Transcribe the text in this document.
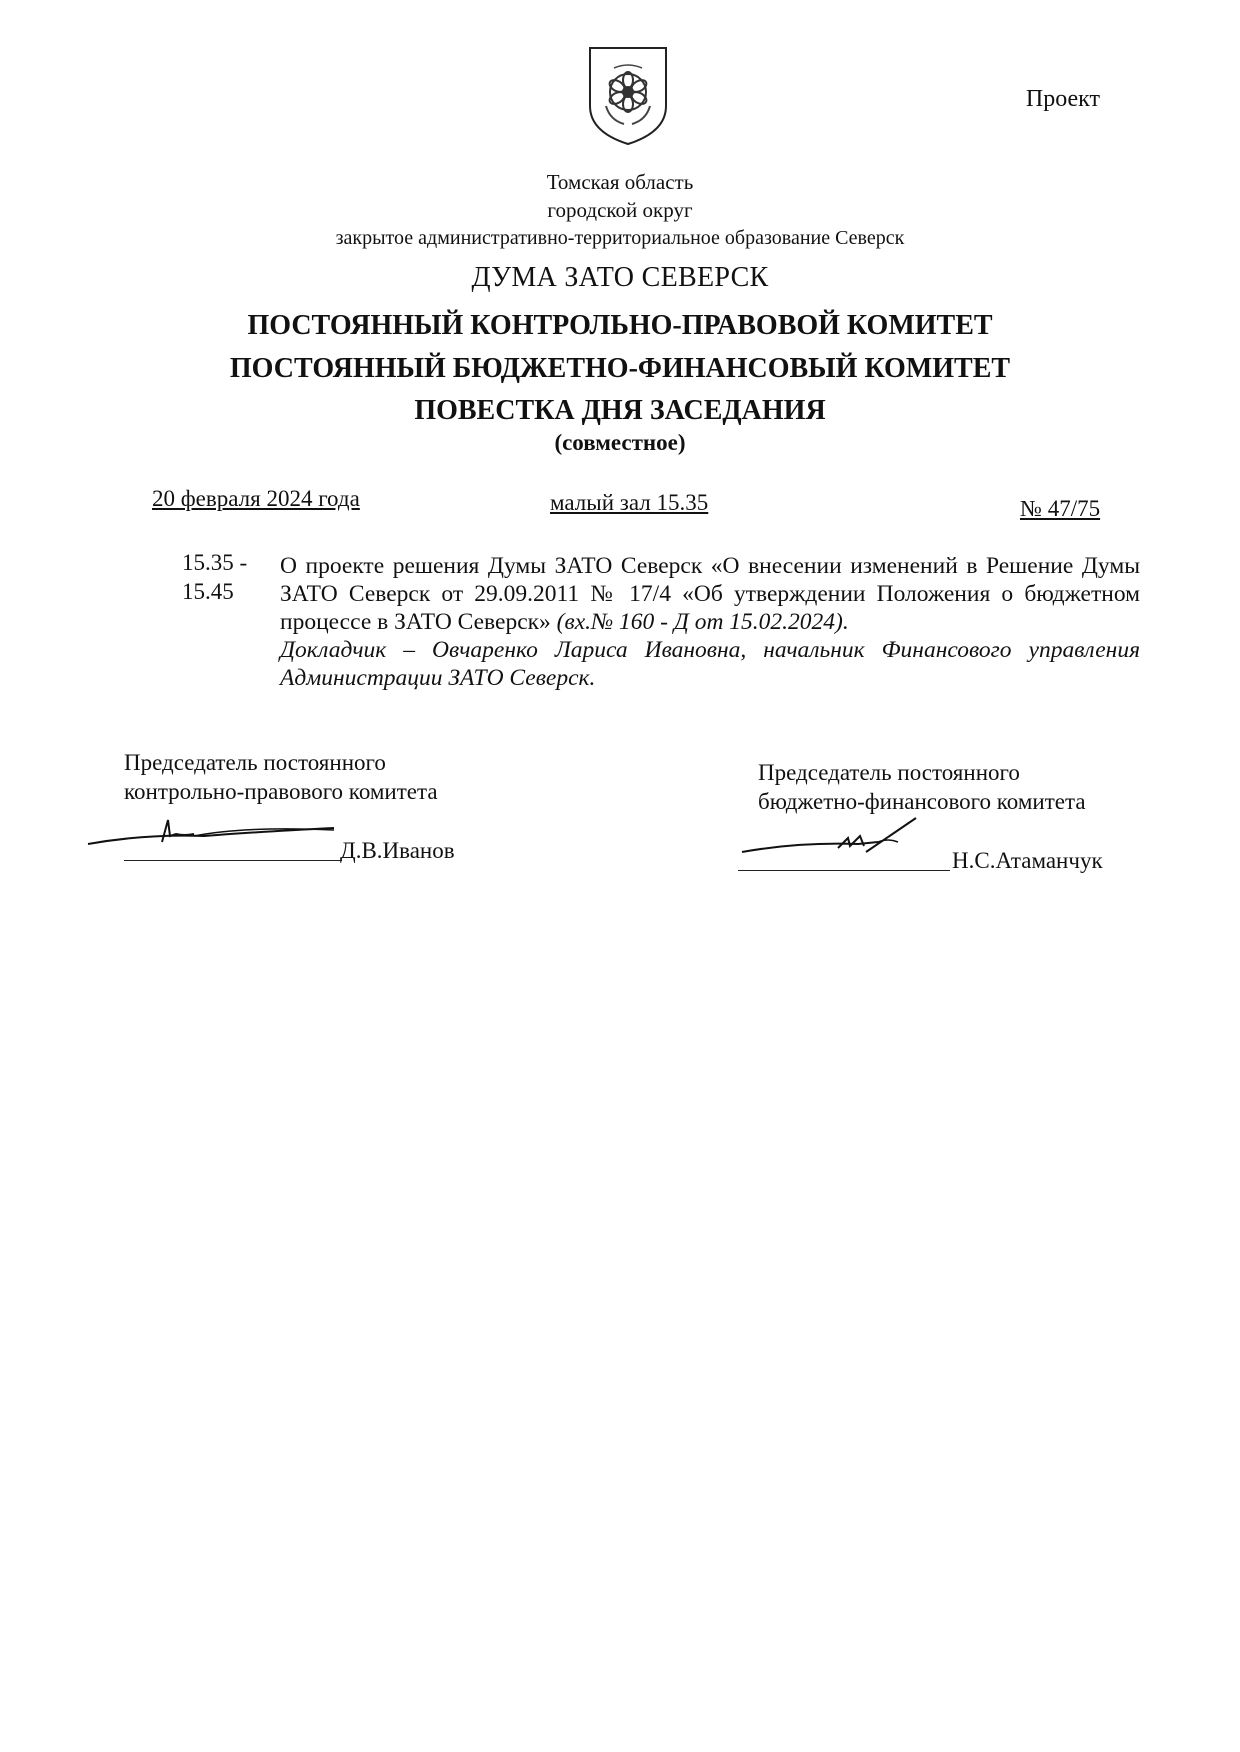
Проект
Томская область
городской округ
закрытое административно-территориальное образование Северск
ДУМА ЗАТО СЕВЕРСК
ПОСТОЯННЫЙ КОНТРОЛЬНО-ПРАВОВОЙ КОМИТЕТ
ПОСТОЯННЫЙ БЮДЖЕТНО-ФИНАНСОВЫЙ КОМИТЕТ
ПОВЕСТКА ДНЯ ЗАСЕДАНИЯ
(совместное)
20 февраля 2024 года	малый зал 15.35	№ 47/75
15.35 -
15.45
О проекте решения Думы ЗАТО Северск «О внесении изменений в Решение Думы ЗАТО Северск от 29.09.2011 № 17/4 «Об утверждении Положения о бюджетном процессе в ЗАТО Северск» (вх.№ 160 - Д от 15.02.2024).
Докладчик – Овчаренко Лариса Ивановна, начальник Финансового управления Администрации ЗАТО Северск.
Председатель постоянного
контрольно-правового комитета
Д.В.Иванов
Председатель постоянного
бюджетно-финансового комитета
Н.С.Атаманчук
